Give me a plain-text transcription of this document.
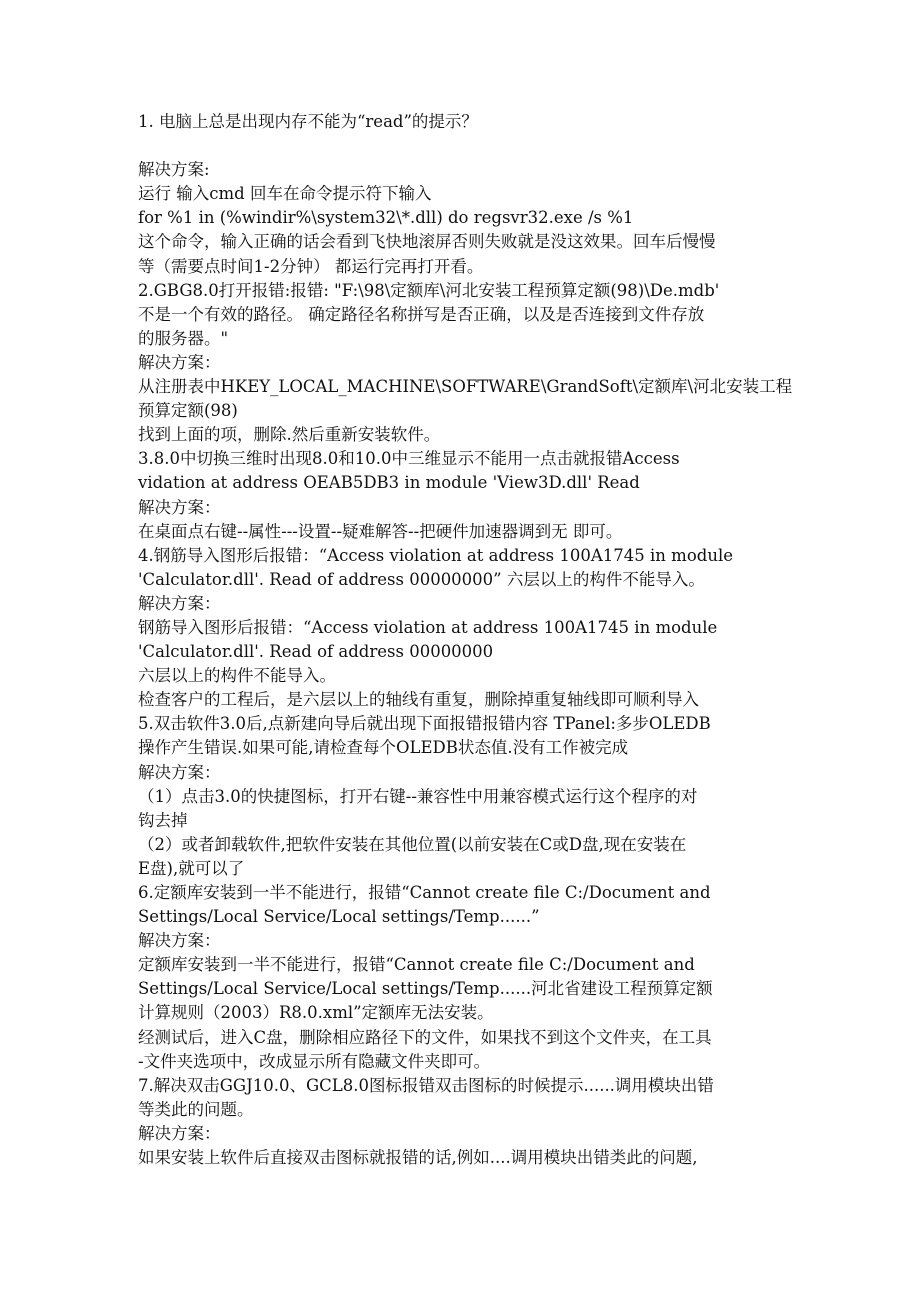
1. 电脑上总是出现内存不能为“read”的提示？

解决方案:

运行 输入cmd 回车在命令提示符下输入

for %1 in (%windir%\system32\*.dll) do regsvr32.exe /s %1

这个命令，输入正确的话会看到飞快地滚屏否则失败就是没这效果。回车后慢慢

等（需要点时间1-2分钟） 都运行完再打开看。

2.GBG8.0打开报错:报错: "F:\98\定额库\河北安装工程预算定额(98)\De.mdb'

不是一个有效的路径。 确定路径名称拼写是否正确，以及是否连接到文件存放

的服务器。"

解决方案：

从注册表中HKEY_LOCAL_MACHINE\SOFTWARE\GrandSoft\定额库\河北安装工程

预算定额(98)

找到上面的项，删除.然后重新安装软件。

3.8.0中切换三维时出现8.0和10.0中三维显示不能用一点击就报错Access

vidation at address OEAB5DB3 in module 'View3D.dll' Read

解决方案：

在桌面点右键--属性---设置--疑难解答--把硬件加速器调到无 即可。

4.钢筋导入图形后报错：“Access violation at address 100A1745 in module

'Calculator.dll'. Read of address 00000000” 六层以上的构件不能导入。

解决方案：

钢筋导入图形后报错：“Access violation at address 100A1745 in module

'Calculator.dll'. Read of address 00000000

六层以上的构件不能导入。

检查客户的工程后，是六层以上的轴线有重复，删除掉重复轴线即可顺利导入

5.双击软件3.0后,点新建向导后就出现下面报错报错内容 TPanel:多步OLEDB

操作产生错误.如果可能,请检查每个OLEDB状态值.没有工作被完成

解决方案：

（1）点击3.0的快捷图标，打开右键--兼容性中用兼容模式运行这个程序的对

钩去掉

（2）或者卸载软件,把软件安装在其他位置(以前安装在C或D盘,现在安装在

E盘),就可以了

6.定额库安装到一半不能进行，报错“Cannot create file C:/Document and

Settings/Local Service/Local settings/Temp......”

解决方案：

定额库安装到一半不能进行，报错“Cannot create file C:/Document and

Settings/Local Service/Local settings/Temp......河北省建设工程预算定额

计算规则（2003）R8.0.xml”定额库无法安装。

经测试后，进入C盘，删除相应路径下的文件，如果找不到这个文件夹，在工具

-文件夹选项中，改成显示所有隐藏文件夹即可。

7.解决双击GGJ10.0、GCL8.0图标报错双击图标的时候提示......调用模块出错

等类此的问题。

解决方案：

如果安装上软件后直接双击图标就报错的话,例如....调用模块出错类此的问题,
